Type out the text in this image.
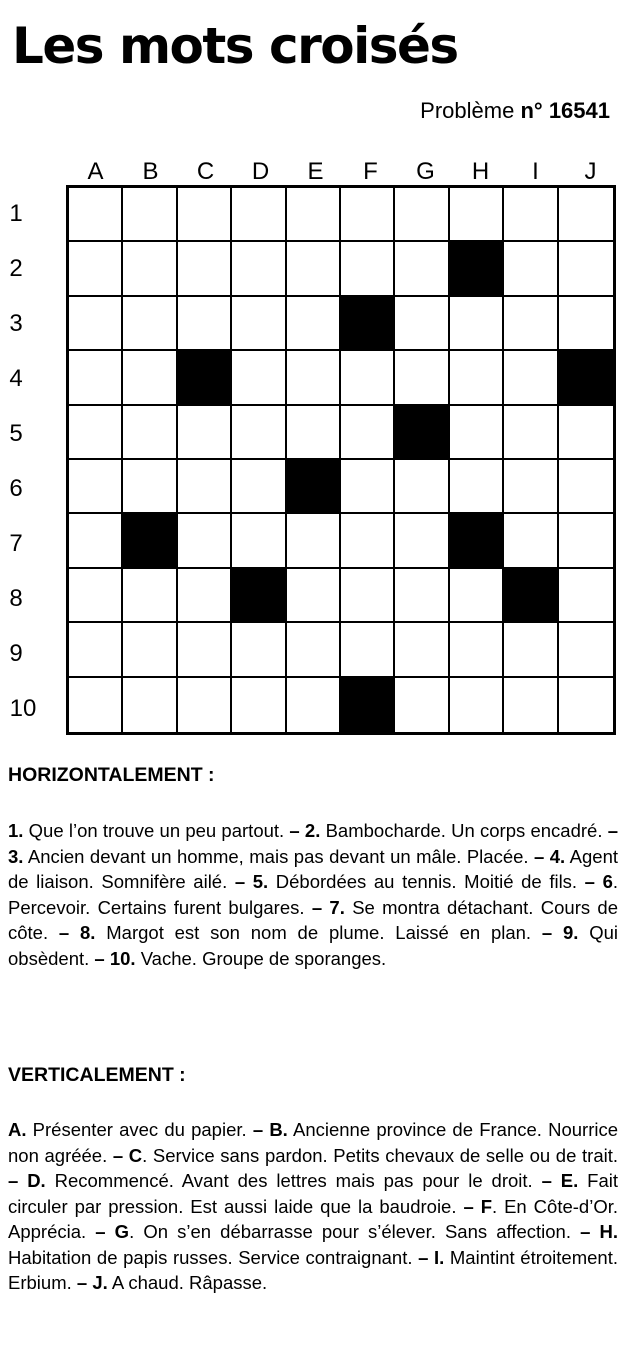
Les mots croisés
Problème n° 16541
A	B	C	D	E	F	G	H	I	J
1
2
3
4
5
6
7
8
9
10
HORIZONTALEMENT :

1. Que l’on trouve un peu partout. – 2. Bambocharde. Un corps encadré. – 3. Ancien devant un homme, mais pas devant un mâle. Placée. – 4. Agent de liaison. Somnifère ailé. – 5. Débordées au tennis. Moitié de fils. – 6. Percevoir. Certains furent bulgares. – 7. Se montra détachant. Cours de côte. – 8. Margot est son nom de plume. Laissé en plan. – 9. Qui obsèdent. – 10. Vache. Groupe de sporanges.

VERTICALEMENT :

A. Présenter avec du papier. – B. Ancienne province de France. Nourrice non agréée. – C. Service sans pardon. Petits chevaux de selle ou de trait. – D. Recommencé. Avant des lettres mais pas pour le droit. – E. Fait circuler par pression. Est aussi laide que la baudroie. – F. En Côte-d’Or. Apprécia. – G. On s’en débarrasse pour s’élever. Sans affection. – H. Habitation de papis russes. Service contraignant. – I. Maintint étroitement. Erbium. – J. A chaud. Râpasse.
